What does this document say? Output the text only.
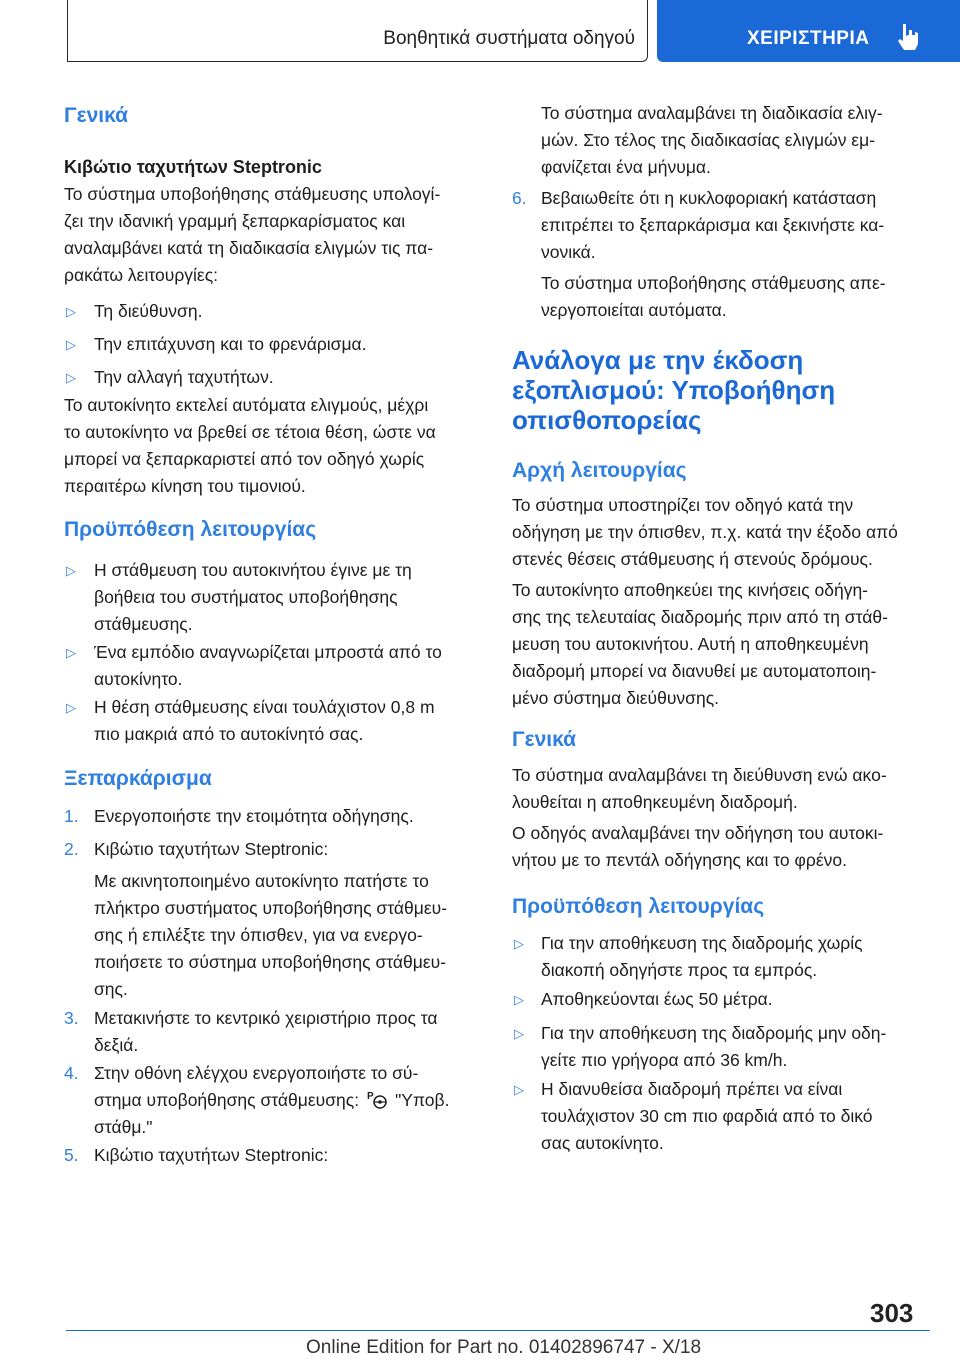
Βοηθητικά συστήματα οδηγού	ΧΕΙΡΙΣΤΗΡΙΑ
Γενικά
Κιβώτιο ταχυτήτων Steptronic
Το σύστημα υποβοήθησης στάθμευσης υπολογί-
ζει την ιδανική γραμμή ξεπαρκαρίσματος και
αναλαμβάνει κατά τη διαδικασία ελιγμών τις πα-
ρακάτω λειτουργίες:
▷ Τη διεύθυνση.
▷ Την επιτάχυνση και το φρενάρισμα.
▷ Την αλλαγή ταχυτήτων.
Το αυτοκίνητο εκτελεί αυτόματα ελιγμούς, μέχρι
το αυτοκίνητο να βρεθεί σε τέτοια θέση, ώστε να
μπορεί να ξεπαρκαριστεί από τον οδηγό χωρίς
περαιτέρω κίνηση του τιμονιού.
Προϋπόθεση λειτουργίας
▷ Η στάθμευση του αυτοκινήτου έγινε με τη
βοήθεια του συστήματος υποβοήθησης
στάθμευσης.
▷ Ένα εμπόδιο αναγνωρίζεται μπροστά από το
αυτοκίνητο.
▷ Η θέση στάθμευσης είναι τουλάχιστον 0,8 m
πιο μακριά από το αυτοκίνητό σας.
Ξεπαρκάρισμα
1. Ενεργοποιήστε την ετοιμότητα οδήγησης.
2. Κιβώτιο ταχυτήτων Steptronic:
Με ακινητοποιημένο αυτοκίνητο πατήστε το
πλήκτρο συστήματος υποβοήθησης στάθμευ-
σης ή επιλέξτε την όπισθεν, για να ενεργο-
ποιήσετε το σύστημα υποβοήθησης στάθμευ-
σης.
3. Μετακινήστε το κεντρικό χειριστήριο προς τα
δεξιά.
4. Στην οθόνη ελέγχου ενεργοποιήστε το σύ-
στημα υποβοήθησης στάθμευσης: P "Υποβ.
στάθμ."
5. Κιβώτιο ταχυτήτων Steptronic:
Το σύστημα αναλαμβάνει τη διαδικασία ελιγ-
μών. Στο τέλος της διαδικασίας ελιγμών εμ-
φανίζεται ένα μήνυμα.
6. Βεβαιωθείτε ότι η κυκλοφοριακή κατάσταση
επιτρέπει το ξεπαρκάρισμα και ξεκινήστε κα-
νονικά.
Το σύστημα υποβοήθησης στάθμευσης απε-
νεργοποιείται αυτόματα.
Ανάλογα με την έκδοση
εξοπλισμού: Υποβοήθηση
οπισθοπορείας
Αρχή λειτουργίας
Το σύστημα υποστηρίζει τον οδηγό κατά την
οδήγηση με την όπισθεν, π.χ. κατά την έξοδο από
στενές θέσεις στάθμευσης ή στενούς δρόμους.
Το αυτοκίνητο αποθηκεύει της κινήσεις οδήγη-
σης της τελευταίας διαδρομής πριν από τη στάθ-
μευση του αυτοκινήτου. Αυτή η αποθηκευμένη
διαδρομή μπορεί να διανυθεί με αυτοματοποιη-
μένο σύστημα διεύθυνσης.
Γενικά
Το σύστημα αναλαμβάνει τη διεύθυνση ενώ ακο-
λουθείται η αποθηκευμένη διαδρομή.
Ο οδηγός αναλαμβάνει την οδήγηση του αυτοκι-
νήτου με το πεντάλ οδήγησης και το φρένο.
Προϋπόθεση λειτουργίας
▷ Για την αποθήκευση της διαδρομής χωρίς
διακοπή οδηγήστε προς τα εμπρός.
▷ Αποθηκεύονται έως 50 μέτρα.
▷ Για την αποθήκευση της διαδρομής μην οδη-
γείτε πιο γρήγορα από 36 km/h.
▷ Η διανυθείσα διαδρομή πρέπει να είναι
τουλάχιστον 30 cm πιο φαρδιά από το δικό
σας αυτοκίνητο.
303
Online Edition for Part no. 01402896747 - X/18
